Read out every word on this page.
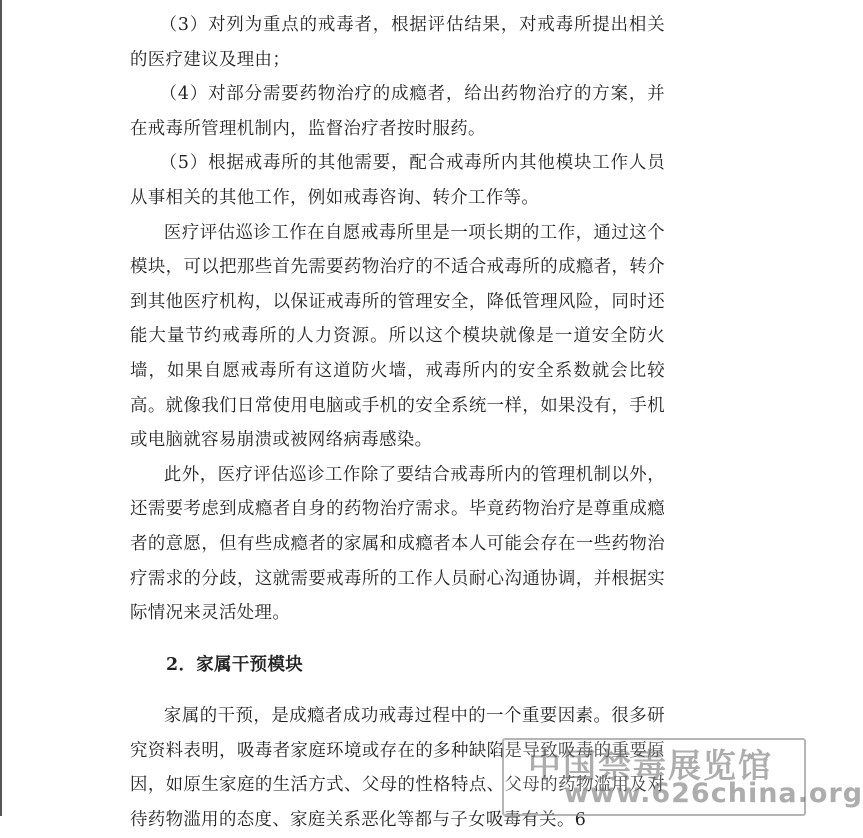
（3）对列为重点的戒毒者，根据评估结果，对戒毒所提出相关的医疗建议及理由；

（4）对部分需要药物治疗的成瘾者，给出药物治疗的方案，并在戒毒所管理机制内，监督治疗者按时服药。

（5）根据戒毒所的其他需要，配合戒毒所内其他模块工作人员从事相关的其他工作，例如戒毒咨询、转介工作等。

医疗评估巡诊工作在自愿戒毒所里是一项长期的工作，通过这个模块，可以把那些首先需要药物治疗的不适合戒毒所的成瘾者，转介到其他医疗机构，以保证戒毒所的管理安全，降低管理风险，同时还能大量节约戒毒所的人力资源。所以这个模块就像是一道安全防火墙，如果自愿戒毒所有这道防火墙，戒毒所内的安全系数就会比较高。就像我们日常使用电脑或手机的安全系统一样，如果没有，手机或电脑就容易崩溃或被网络病毒感染。

此外，医疗评估巡诊工作除了要结合戒毒所内的管理机制以外，还需要考虑到成瘾者自身的药物治疗需求。毕竟药物治疗是尊重成瘾者的意愿，但有些成瘾者的家属和成瘾者本人可能会存在一些药物治疗需求的分歧，这就需要戒毒所的工作人员耐心沟通协调，并根据实际情况来灵活处理。

2．家属干预模块

家属的干预，是成瘾者成功戒毒过程中的一个重要因素。很多研究资料表明，吸毒者家庭环境或存在的多种缺陷是导致吸毒的重要原因，如原生家庭的生活方式、父母的性格特点、父母的药物滥用及对待药物滥用的态度、家庭关系恶化等都与子女吸毒有关。6

中国禁毒展览馆
www.626china.org
